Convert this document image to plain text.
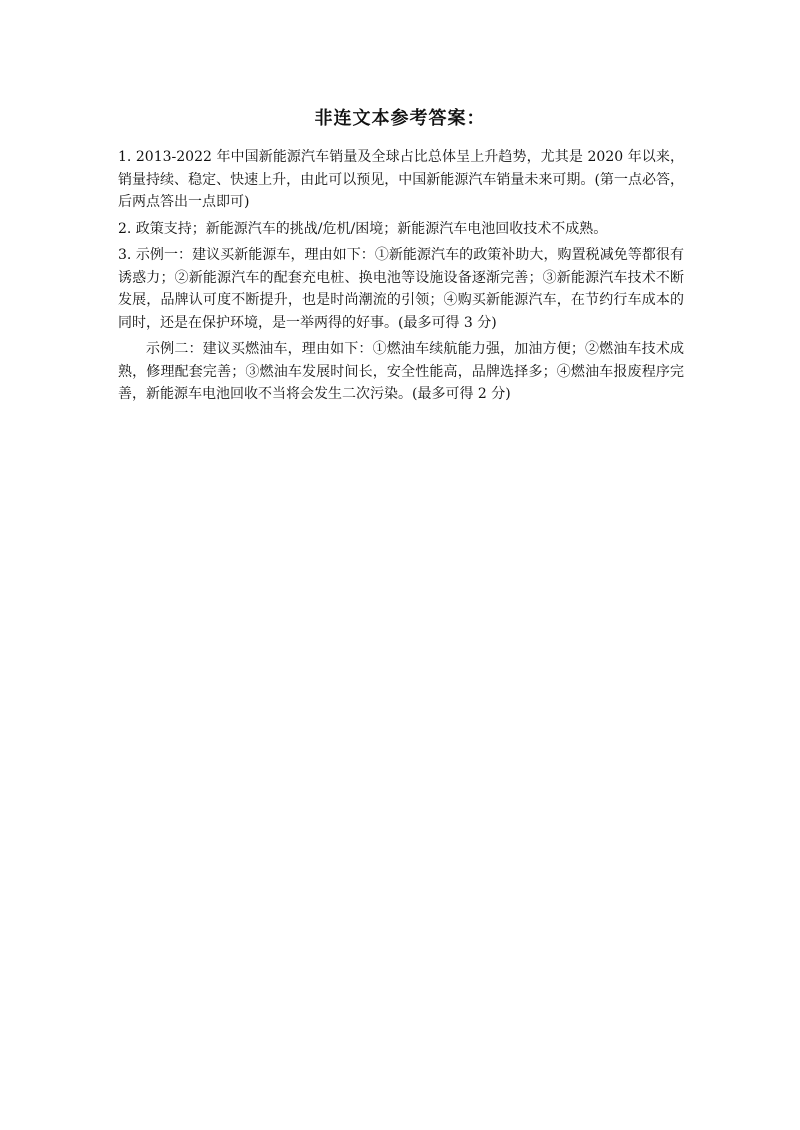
非连文本参考答案：

1. 2013-2022 年中国新能源汽车销量及全球占比总体呈上升趋势，尤其是 2020 年以来，销量持续、稳定、快速上升，由此可以预见，中国新能源汽车销量未来可期。(第一点必答，后两点答出一点即可)

2. 政策支持；新能源汽车的挑战/危机/困境；新能源汽车电池回收技术不成熟。

3. 示例一：建议买新能源车，理由如下：①新能源汽车的政策补助大，购置税减免等都很有诱惑力；②新能源汽车的配套充电桩、换电池等设施设备逐渐完善；③新能源汽车技术不断发展，品牌认可度不断提升，也是时尚潮流的引领；④购买新能源汽车，在节约行车成本的同时，还是在保护环境，是一举两得的好事。(最多可得 3 分)

示例二：建议买燃油车，理由如下：①燃油车续航能力强，加油方便；②燃油车技术成熟，修理配套完善；③燃油车发展时间长，安全性能高，品牌选择多；④燃油车报废程序完善，新能源车电池回收不当将会发生二次污染。(最多可得 2 分)
